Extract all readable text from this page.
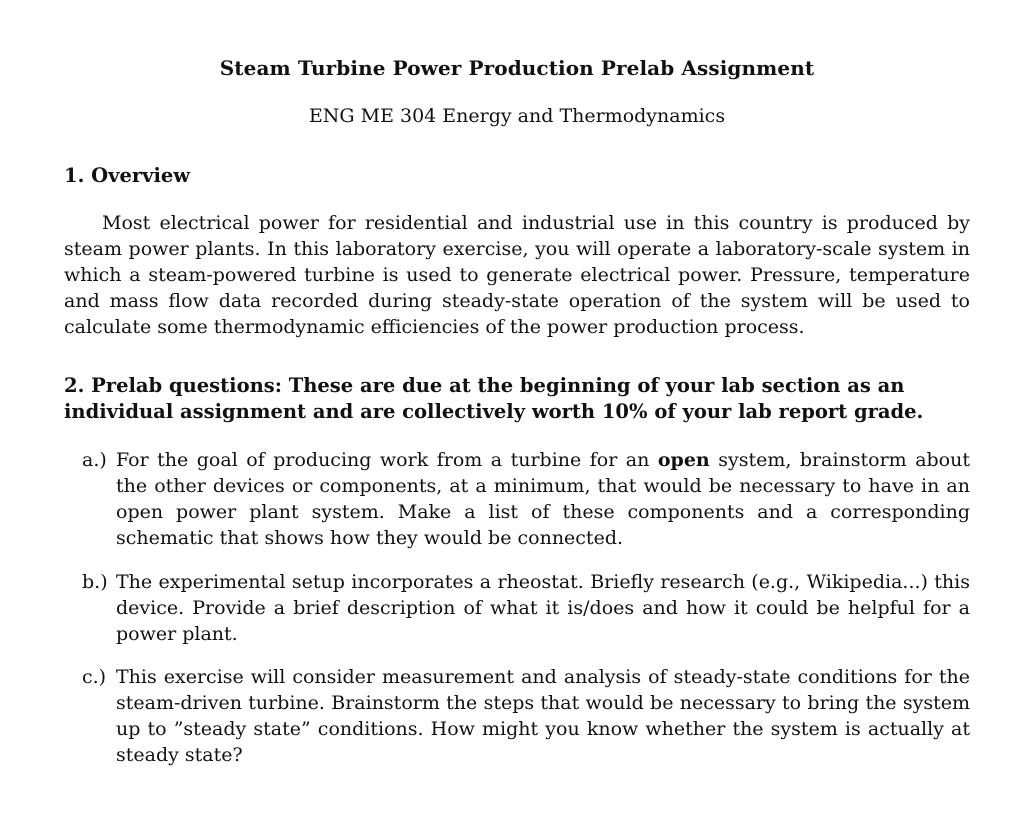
Steam Turbine Power Production Prelab Assignment
ENG ME 304 Energy and Thermodynamics
1. Overview
Most electrical power for residential and industrial use in this country is produced by steam power plants. In this laboratory exercise, you will operate a laboratory-scale system in which a steam-powered turbine is used to generate electrical power. Pressure, temperature and mass flow data recorded during steady-state operation of the system will be used to calculate some thermodynamic efficiencies of the power production process.
2. Prelab questions: These are due at the beginning of your lab section as an individual assignment and are collectively worth 10% of your lab report grade.
a.) For the goal of producing work from a turbine for an open system, brainstorm about the other devices or components, at a minimum, that would be necessary to have in an open power plant system. Make a list of these components and a corresponding schematic that shows how they would be connected.
b.) The experimental setup incorporates a rheostat. Briefly research (e.g., Wikipedia...) this device. Provide a brief description of what it is/does and how it could be helpful for a power plant.
c.) This exercise will consider measurement and analysis of steady-state conditions for the steam-driven turbine. Brainstorm the steps that would be necessary to bring the system up to ”steady state” conditions. How might you know whether the system is actually at steady state?
